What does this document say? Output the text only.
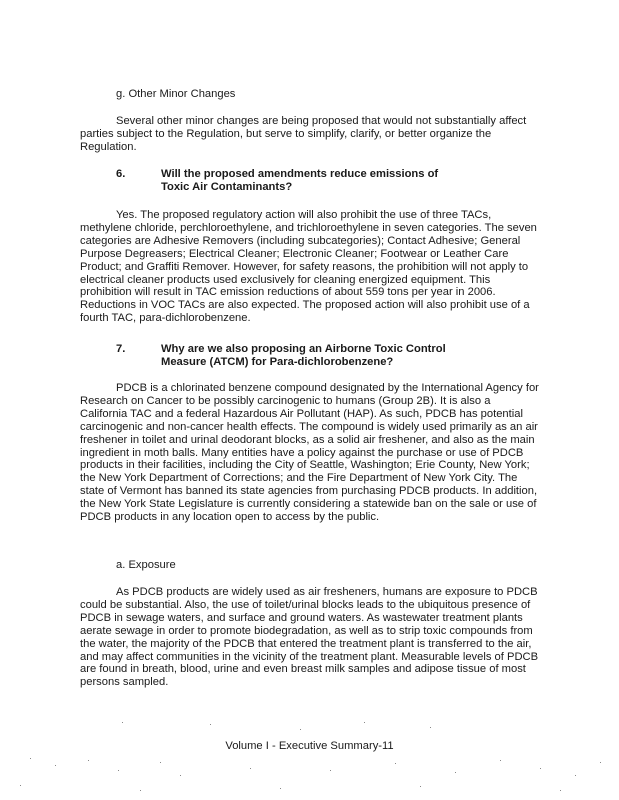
g. Other Minor Changes

Several other minor changes are being proposed that would not substantially affect parties subject to the Regulation, but serve to simplify, clarify, or better organize the Regulation.

6.	Will the proposed amendments reduce emissions of Toxic Air Contaminants?

Yes. The proposed regulatory action will also prohibit the use of three TACs, methylene chloride, perchloroethylene, and trichloroethylene in seven categories. The seven categories are Adhesive Removers (including subcategories); Contact Adhesive; General Purpose Degreasers; Electrical Cleaner; Electronic Cleaner; Footwear or Leather Care Product; and Graffiti Remover. However, for safety reasons, the prohibition will not apply to electrical cleaner products used exclusively for cleaning energized equipment. This prohibition will result in TAC emission reductions of about 559 tons per year in 2006. Reductions in VOC TACs are also expected. The proposed action will also prohibit use of a fourth TAC, para-dichlorobenzene.

7.	Why are we also proposing an Airborne Toxic Control Measure (ATCM) for Para-dichlorobenzene?

PDCB is a chlorinated benzene compound designated by the International Agency for Research on Cancer to be possibly carcinogenic to humans (Group 2B). It is also a California TAC and a federal Hazardous Air Pollutant (HAP). As such, PDCB has potential carcinogenic and non-cancer health effects. The compound is widely used primarily as an air freshener in toilet and urinal deodorant blocks, as a solid air freshener, and also as the main ingredient in moth balls. Many entities have a policy against the purchase or use of PDCB products in their facilities, including the City of Seattle, Washington; Erie County, New York; the New York Department of Corrections; and the Fire Department of New York City. The state of Vermont has banned its state agencies from purchasing PDCB products. In addition, the New York State Legislature is currently considering a statewide ban on the sale or use of PDCB products in any location open to access by the public.

a. Exposure

As PDCB products are widely used as air fresheners, humans are exposure to PDCB could be substantial. Also, the use of toilet/urinal blocks leads to the ubiquitous presence of PDCB in sewage waters, and surface and ground waters. As wastewater treatment plants aerate sewage in order to promote biodegradation, as well as to strip toxic compounds from the water, the majority of the PDCB that entered the treatment plant is transferred to the air, and may affect communities in the vicinity of the treatment plant. Measurable levels of PDCB are found in breath, blood, urine and even breast milk samples and adipose tissue of most persons sampled.

Volume I - Executive Summary-11
